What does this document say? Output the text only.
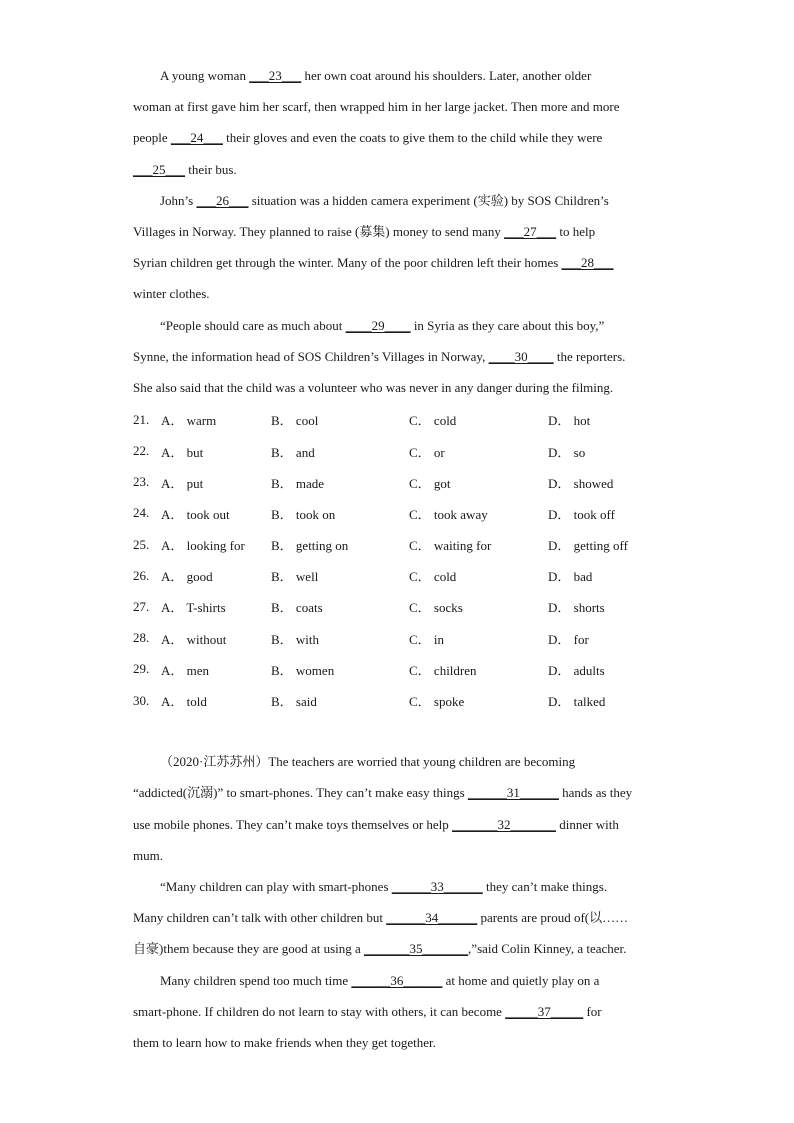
A young woman ___23___ her own coat around his shoulders. Later, another older

woman at first gave him her scarf, then wrapped him in her large jacket. Then more and more

people ___24___ their gloves and even the coats to give them to the child while they were

___25___ their bus.

John’s ___26___ situation was a hidden camera experiment (实验) by SOS Children’s

Villages in Norway. They planned to raise (募集) money to send many ___27___ to help

Syrian children get through the winter. Many of the poor children left their homes ___28___

winter clothes.

“People should care as much about ____29____ in Syria as they care about this boy,”

Synne, the information head of SOS Children’s Villages in Norway, ____30____ the reporters.

She also said that the child was a volunteer who was never in any danger during the filming.

21. A． warm	B． cool	C． cold	D． hot
22. A． but	B． and	C． or	D． so
23. A． put	B． made	C． got	D． showed
24. A． took out	B． took on	C． took away	D． took off
25. A． looking for	B． getting on	C． waiting for	D． getting off
26. A． good	B． well	C． cold	D． bad
27. A． T-shirts	B． coats	C． socks	D． shorts
28. A． without	B． with	C． in	D． for
29. A． men	B． women	C． children	D． adults
30. A． told	B． said	C． spoke	D． talked

（2020·江苏苏州）The teachers are worried that young children are becoming

“addicted(沉溺)” to smart-phones. They can’t make easy things ______31______ hands as they

use mobile phones. They can’t make toys themselves or help _______32_______ dinner with

mum.

“Many children can play with smart-phones ______33______ they can’t make things.

Many children can’t talk with other children but ______34______ parents are proud of(以……

自豪)them because they are good at using a _______35_______,”said Colin Kinney, a teacher.

Many children spend too much time ______36______ at home and quietly play on a

smart-phone. If children do not learn to stay with others, it can become _____37_____ for

them to learn how to make friends when they get together.
